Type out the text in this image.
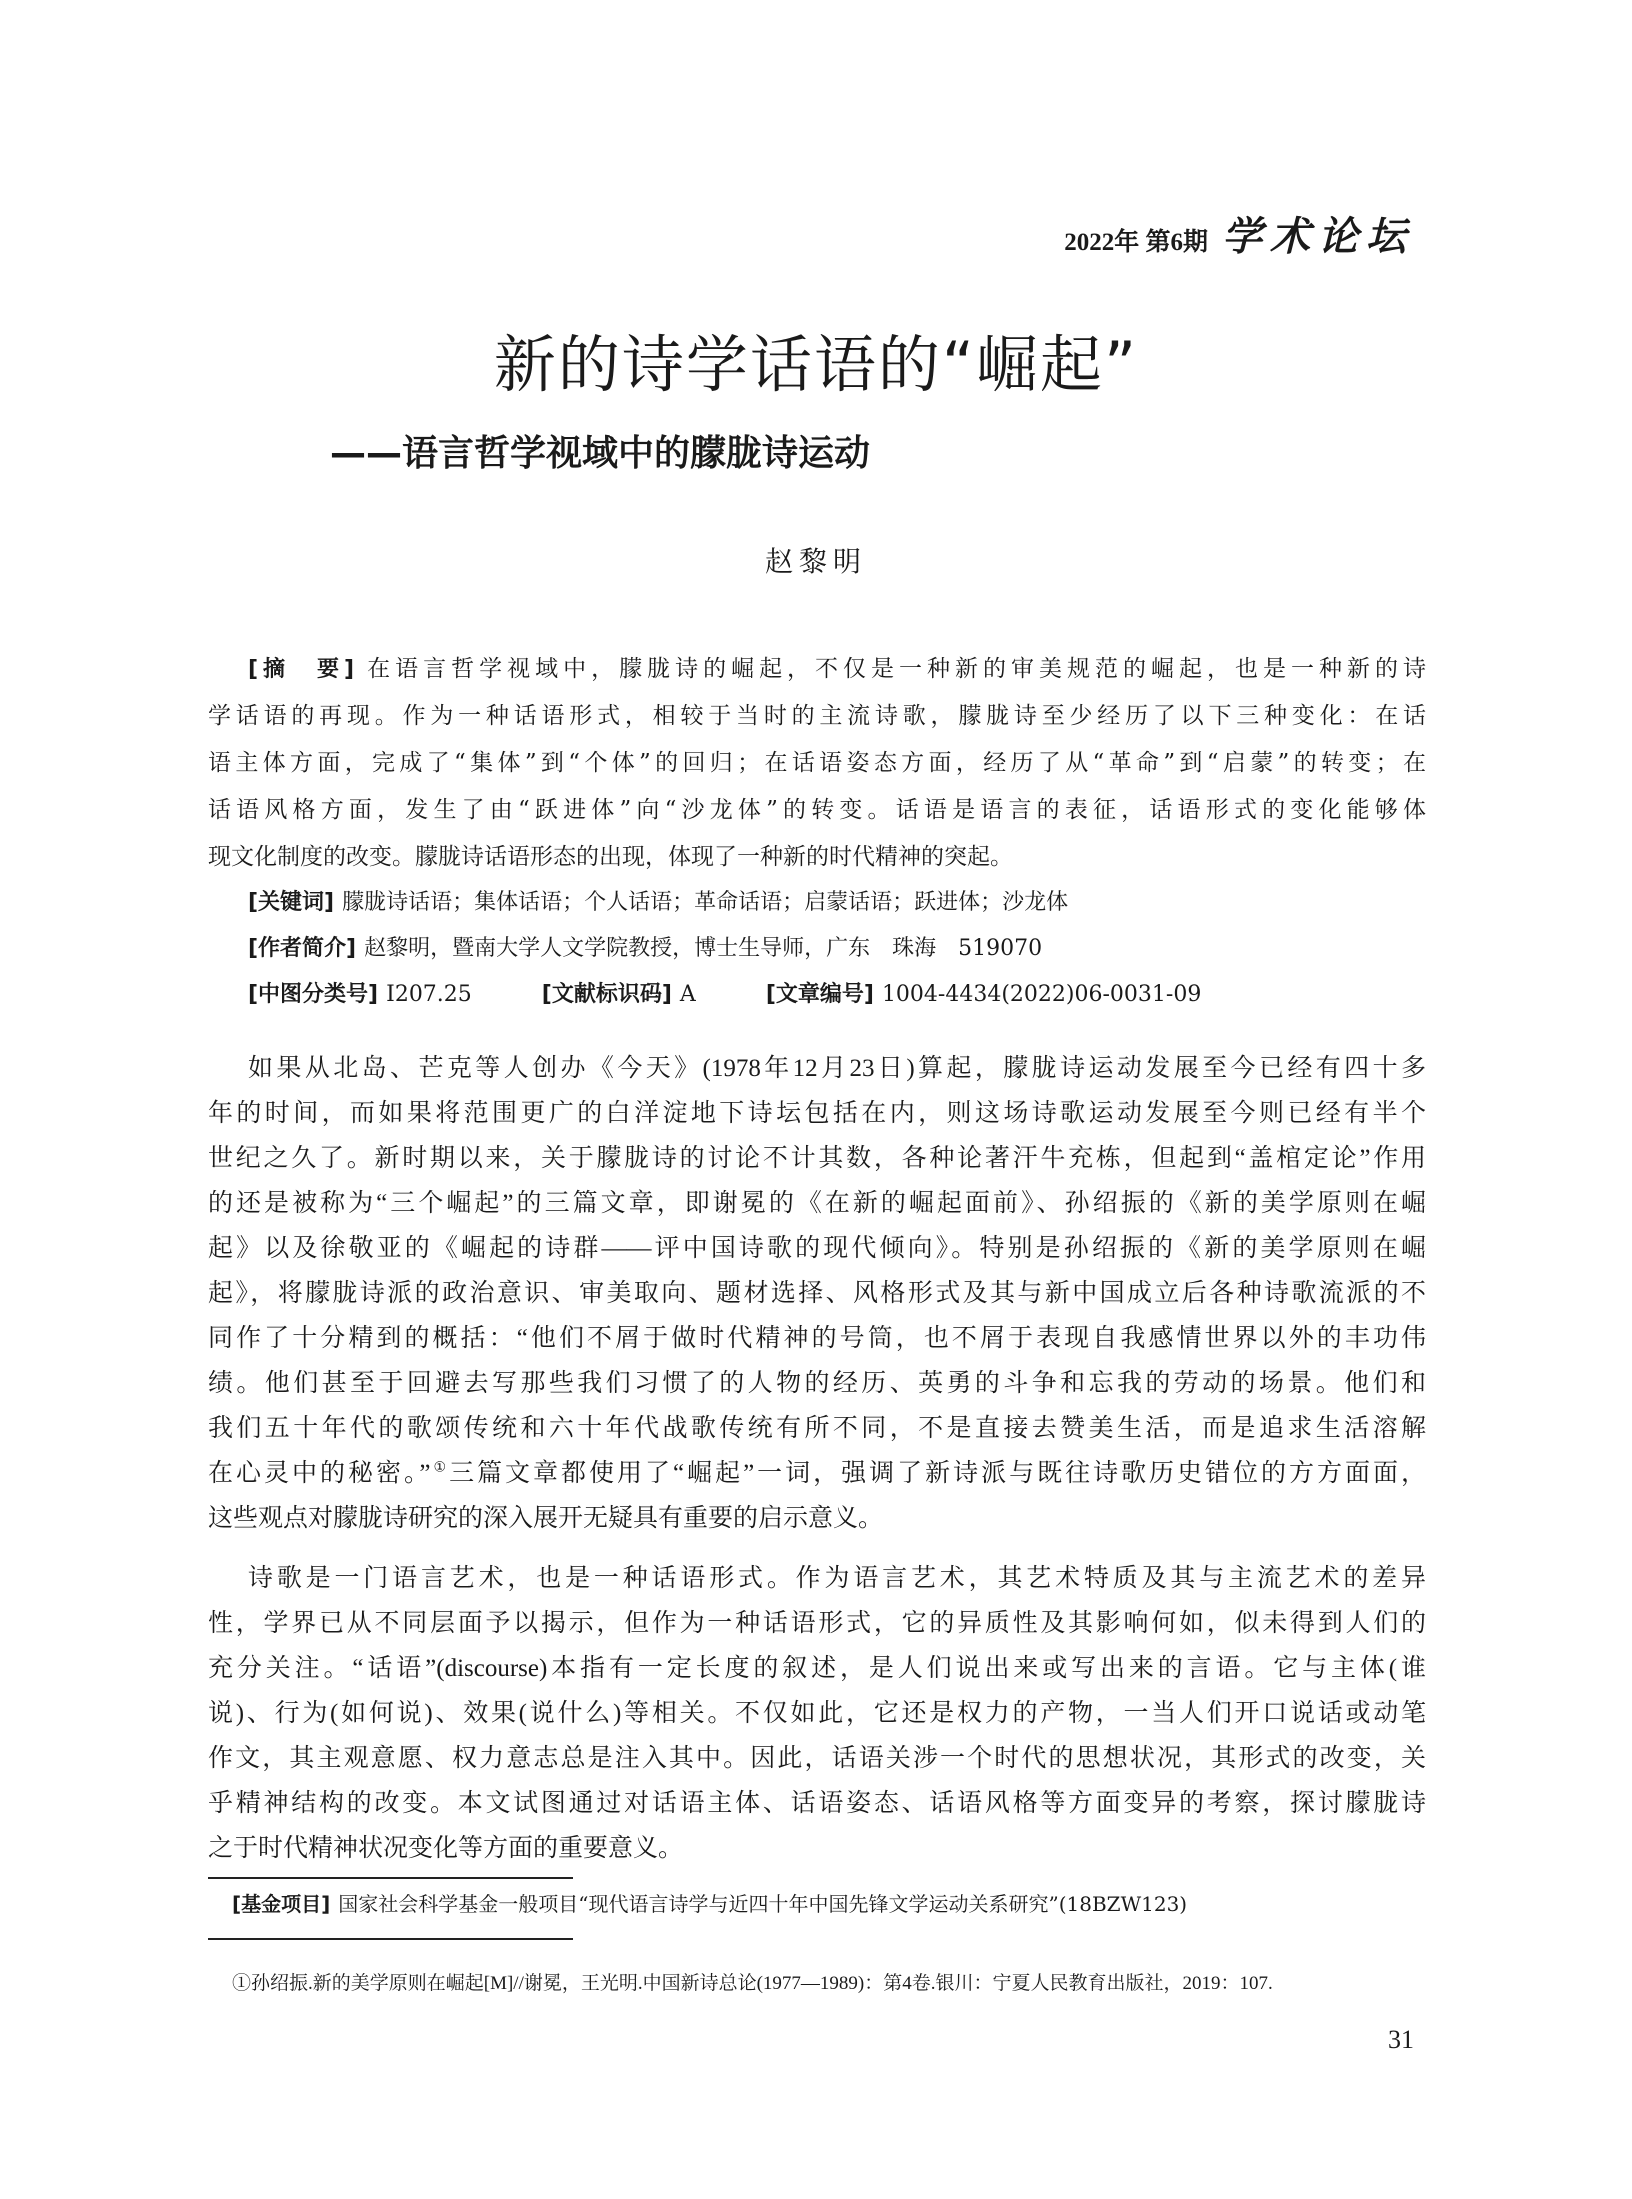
2022年 第6期 学术论坛
新的诗学话语的“崛起”
——语言哲学视域中的朦胧诗运动
赵黎明
[摘　要] 在语言哲学视域中，朦胧诗的崛起，不仅是一种新的审美规范的崛起，也是一种新的诗
学话语的再现。作为一种话语形式，相较于当时的主流诗歌，朦胧诗至少经历了以下三种变化：在话
语主体方面，完成了“集体”到“个体”的回归；在话语姿态方面，经历了从“革命”到“启蒙”的转变；在
话语风格方面，发生了由“跃进体”向“沙龙体”的转变。话语是语言的表征，话语形式的变化能够体
现文化制度的改变。朦胧诗话语形态的出现，体现了一种新的时代精神的突起。
[关键词] 朦胧诗话语；集体话语；个人话语；革命话语；启蒙话语；跃进体；沙龙体
[作者简介] 赵黎明，暨南大学人文学院教授，博士生导师，广东　珠海　519070
[中图分类号] I207.25	[文献标识码] A	[文章编号] 1004-4434(2022)06-0031-09
如果从北岛、芒克等人创办《今天》(1978年12月23日)算起，朦胧诗运动发展至今已经有四十多
年的时间，而如果将范围更广的白洋淀地下诗坛包括在内，则这场诗歌运动发展至今则已经有半个
世纪之久了。新时期以来，关于朦胧诗的讨论不计其数，各种论著汗牛充栋，但起到“盖棺定论”作用
的还是被称为“三个崛起”的三篇文章，即谢冕的《在新的崛起面前》、孙绍振的《新的美学原则在崛
起》以及徐敬亚的《崛起的诗群——评中国诗歌的现代倾向》。特别是孙绍振的《新的美学原则在崛
起》，将朦胧诗派的政治意识、审美取向、题材选择、风格形式及其与新中国成立后各种诗歌流派的不
同作了十分精到的概括：“他们不屑于做时代精神的号筒，也不屑于表现自我感情世界以外的丰功伟
绩。他们甚至于回避去写那些我们习惯了的人物的经历、英勇的斗争和忘我的劳动的场景。他们和
我们五十年代的歌颂传统和六十年代战歌传统有所不同，不是直接去赞美生活，而是追求生活溶解
在心灵中的秘密。”①三篇文章都使用了“崛起”一词，强调了新诗派与既往诗歌历史错位的方方面面，
这些观点对朦胧诗研究的深入展开无疑具有重要的启示意义。
诗歌是一门语言艺术，也是一种话语形式。作为语言艺术，其艺术特质及其与主流艺术的差异
性，学界已从不同层面予以揭示，但作为一种话语形式，它的异质性及其影响何如，似未得到人们的
充分关注。“话语”(discourse)本指有一定长度的叙述，是人们说出来或写出来的言语。它与主体(谁
说)、行为(如何说)、效果(说什么)等相关。不仅如此，它还是权力的产物，一当人们开口说话或动笔
作文，其主观意愿、权力意志总是注入其中。因此，话语关涉一个时代的思想状况，其形式的改变，关
乎精神结构的改变。本文试图通过对话语主体、话语姿态、话语风格等方面变异的考察，探讨朦胧诗
之于时代精神状况变化等方面的重要意义。
[基金项目] 国家社会科学基金一般项目“现代语言诗学与近四十年中国先锋文学运动关系研究”(18BZW123)
①孙绍振.新的美学原则在崛起[M]//谢冕，王光明.中国新诗总论(1977—1989)：第4卷.银川：宁夏人民教育出版社，2019：107.
31
